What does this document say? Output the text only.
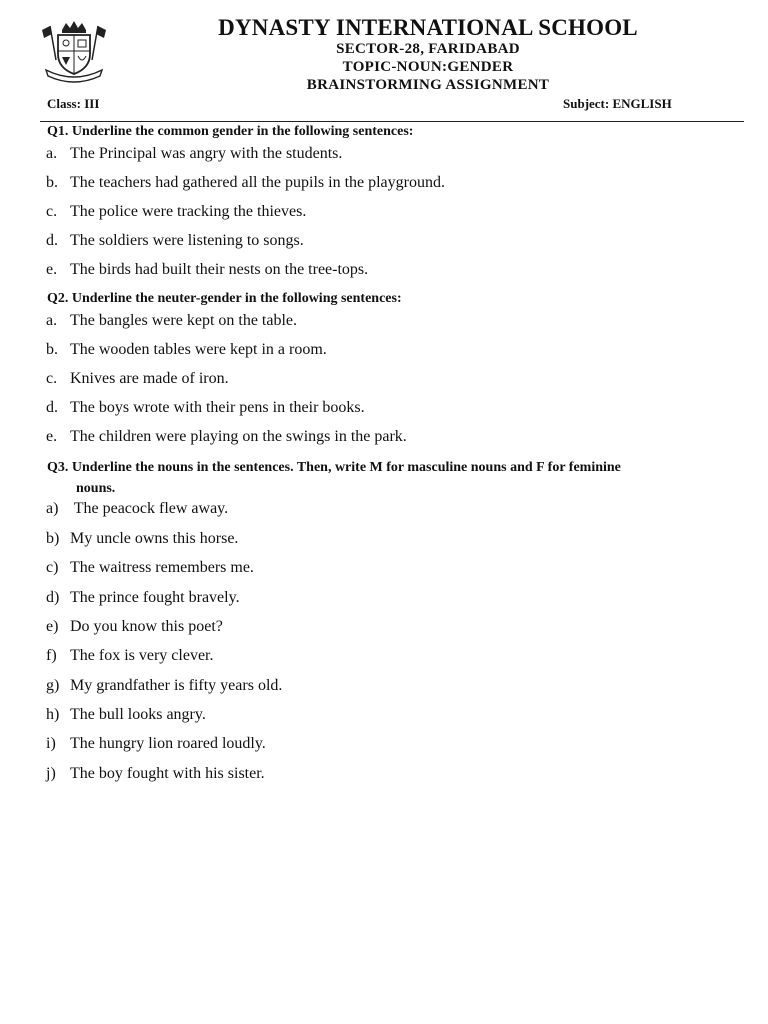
DYNASTY INTERNATIONAL SCHOOL
SECTOR-28, FARIDABAD
TOPIC-NOUN:GENDER
BRAINSTORMING ASSIGNMENT
Class: III	Subject: ENGLISH
Q1. Underline the common gender in the following sentences:
a. The Principal was angry with the students.
b. The teachers had gathered all the pupils in the playground.
c. The police were tracking the thieves.
d. The soldiers were listening to songs.
e. The birds had built their nests on the tree-tops.
Q2. Underline the neuter-gender in the following sentences:
a. The bangles were kept on the table.
b. The wooden tables were kept in a room.
c. Knives are made of iron.
d. The boys wrote with their pens in their books.
e. The children were playing on the swings in the park.
Q3. Underline the nouns in the sentences. Then, write M for masculine nouns and F for feminine
nouns.
a) The peacock flew away.
b) My uncle owns this horse.
c) The waitress remembers me.
d) The prince fought bravely.
e) Do you know this poet?
f) The fox is very clever.
g) My grandfather is fifty years old.
h) The bull looks angry.
i) The hungry lion roared loudly.
j) The boy fought with his sister.
